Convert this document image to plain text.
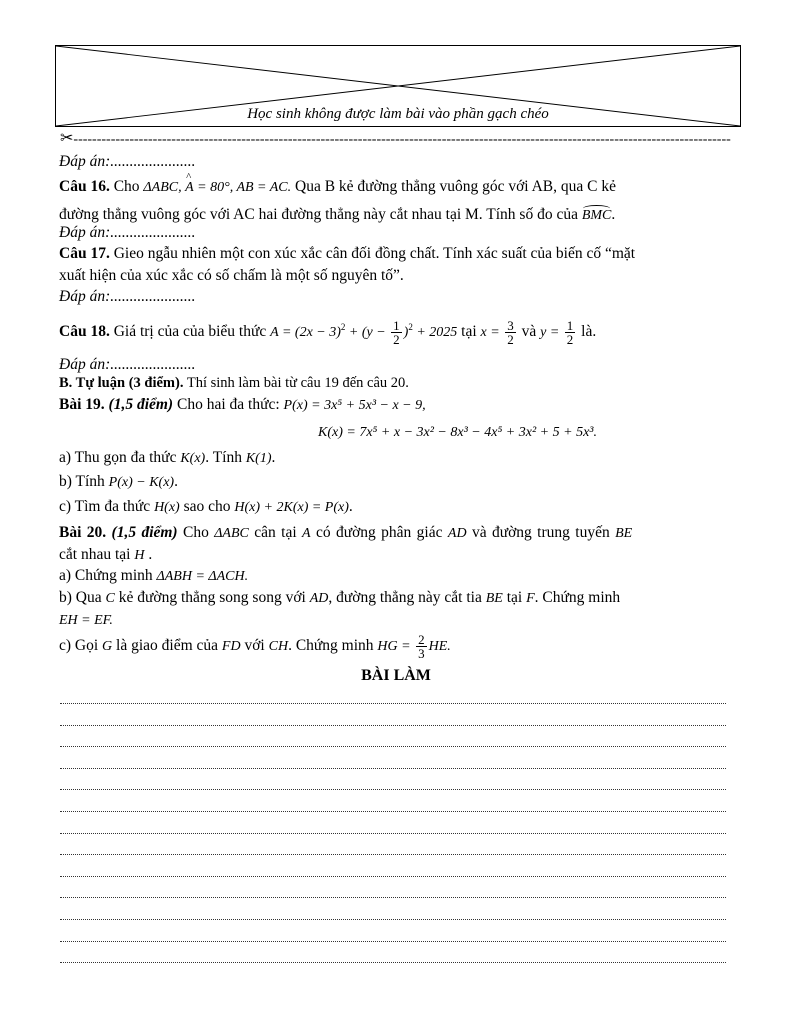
Học sinh không được làm bài vào phần gạch chéo
✂---------------------------------------------------------------------------------------------------------------------------------------------
Đáp án:......................
Câu 16. Cho ΔABC, ^ A = 80°, AB = AC. Qua B kẻ đường thẳng vuông góc với AB, qua C kẻ
đường thẳng vuông góc với AC hai đường thẳng này cắt nhau tại M. Tính số đo của BMC.
Đáp án:......................
Câu 17. Gieo ngẫu nhiên một con xúc xắc cân đối đồng chất. Tính xác suất của biến cố “mặt
xuất hiện của xúc xắc có số chấm là một số nguyên tố”.
Đáp án:......................
Câu 18. Giá trị của của biểu thức $A = (2x - 3)^2 + (y - \frac{1}{2} )^2 + 2025$ tại $x = \frac{3}{2}$ và $y = \frac{1}{2}$ là.
Đáp án:......................
B. Tự luận (3 điểm). Thí sinh làm bài từ câu 19 đến câu 20.
Bài 19. (1,5 điểm) Cho hai đa thức: P(x) = 3x⁵ + 5x³ − x − 9,
K(x) = 7x⁵ + x − 3x² − 8x³ − 4x⁵ + 3x² + 5 + 5x³.
a) Thu gọn đa thức K(x). Tính K(1).
b) Tính P(x) − K(x).
c) Tìm đa thức H(x) sao cho H(x) + 2K(x) = P(x).
Bài 20. (1,5 điểm) Cho ΔABC cân tại A có đường phân giác AD và đường trung tuyến BE
cắt nhau tại H .
a) Chứng minh ΔABH = ΔACH.
b) Qua C kẻ đường thẳng song song với AD, đường thẳng này cắt tia BE tại F. Chứng minh
EH = EF.
c) Gọi G là giao điểm của FD với CH. Chứng minh HG = $\frac{2}{3}$ HE.
BÀI LÀM
